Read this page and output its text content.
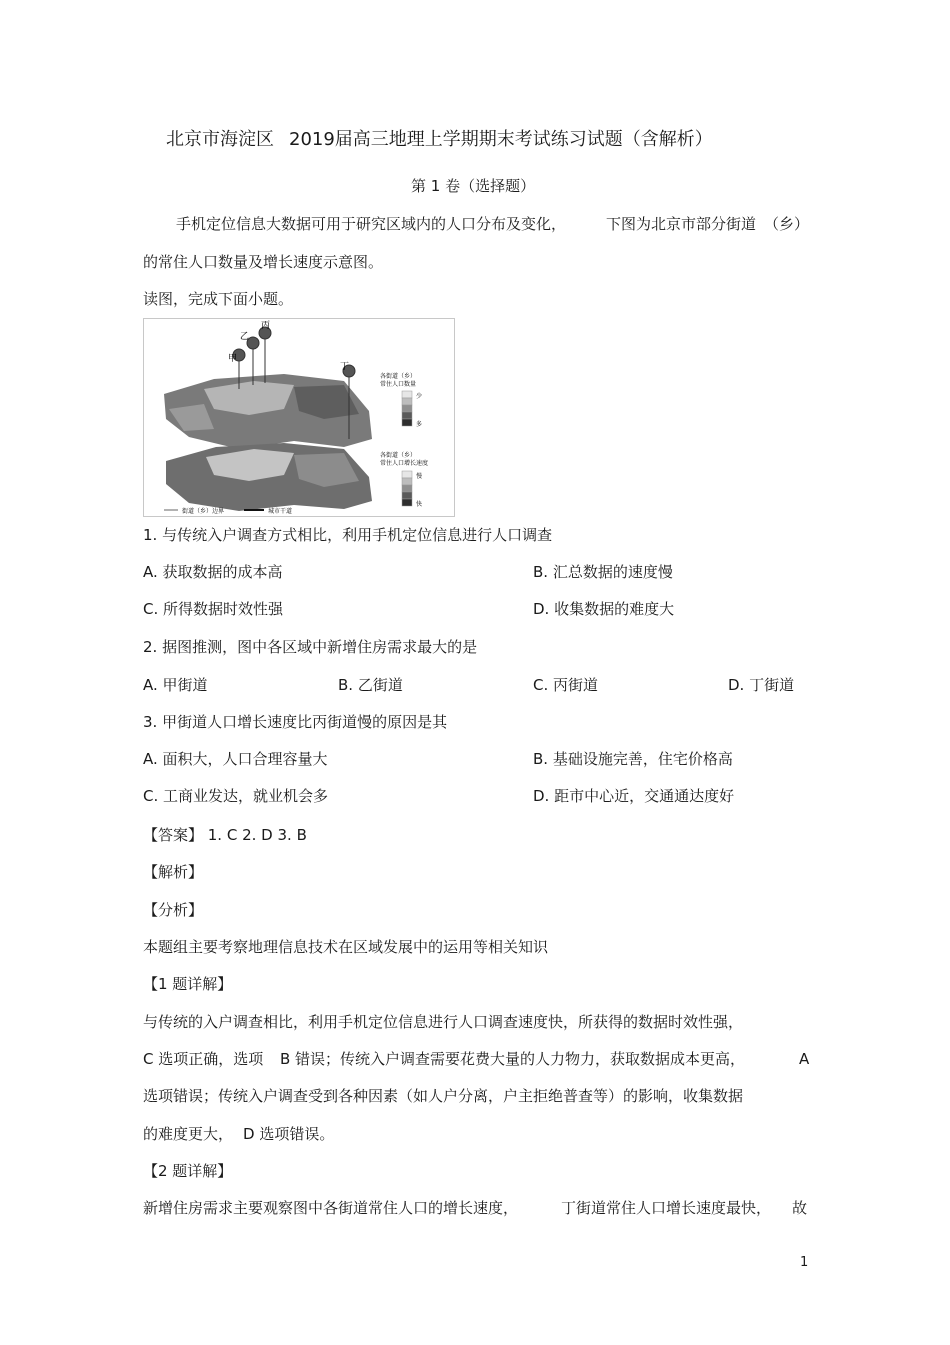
北京市海淀区 2019届高三地理上学期期末考试练习试题（含解析）
第 1 卷（选择题）
手机定位信息大数据可用于研究区域内的人口分布及变化，	下图为北京市部分街道 （乡）
的常住人口数量及增长速度示意图。
读图，完成下面小题。
甲
乙
丙
丁
各街道（乡）
常住人口数量
少
多
各街道（乡）
常住人口增长速度
慢
快
街道（乡）边界	城市干道
1. 与传统入户调查方式相比，利用手机定位信息进行人口调查
A. 获取数据的成本高	B. 汇总数据的速度慢
C. 所得数据时效性强	D. 收集数据的难度大
2. 据图推测，图中各区域中新增住房需求最大的是
A. 甲街道	B. 乙街道	C. 丙街道	D. 丁街道
3. 甲街道人口增长速度比丙街道慢的原因是其
A. 面积大，人口合理容量大	B. 基础设施完善，住宅价格高
C. 工商业发达，就业机会多	D. 距市中心近，交通通达度好
【答案】 1. C 2. D 3. B
【解析】
【分析】
本题组主要考察地理信息技术在区域发展中的运用等相关知识
【1 题详解】
与传统的入户调查相比，利用手机定位信息进行人口调查速度快，所获得的数据时效性强，
C 选项正确，选项 B 错误；传统入户调查需要花费大量的人力物力，获取数据成本更高，	A
选项错误；传统入户调查受到各种因素（如人户分离，户主拒绝普查等）的影响，收集数据
的难度更大， D 选项错误。
【2 题详解】
新增住房需求主要观察图中各街道常住人口的增长速度，	丁街道常住人口增长速度最快， 故
1
